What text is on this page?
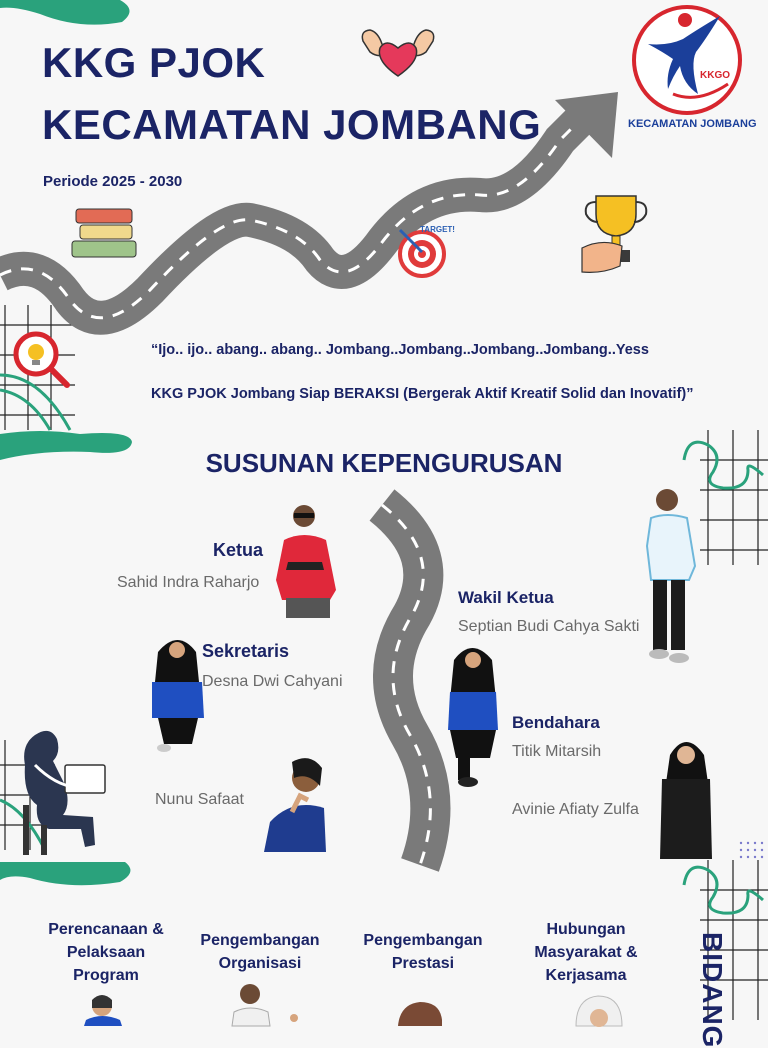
KKG PJOK
KECAMATAN JOMBANG
Periode 2025 - 2030
KKGO
KECAMATAN JOMBANG
TARGET!
“Ijo.. ijo.. abang.. abang.. Jombang..Jombang..Jombang..Jombang..Yess
KKG PJOK Jombang Siap BERAKSI (Bergerak Aktif Kreatif Solid dan Inovatif)”
SUSUNAN KEPENGURUSAN
Ketua
Sahid Indra Raharjo
Wakil Ketua
Septian Budi Cahya Sakti
Sekretaris
Desna Dwi Cahyani
Nunu Safaat
Bendahara
Titik Mitarsih
Avinie Afiaty Zulfa
Perencanaan & Pelaksaan Program
Pengembangan Organisasi
Pengembangan Prestasi
Hubungan Masyarakat & Kerjasama	BIDANG
